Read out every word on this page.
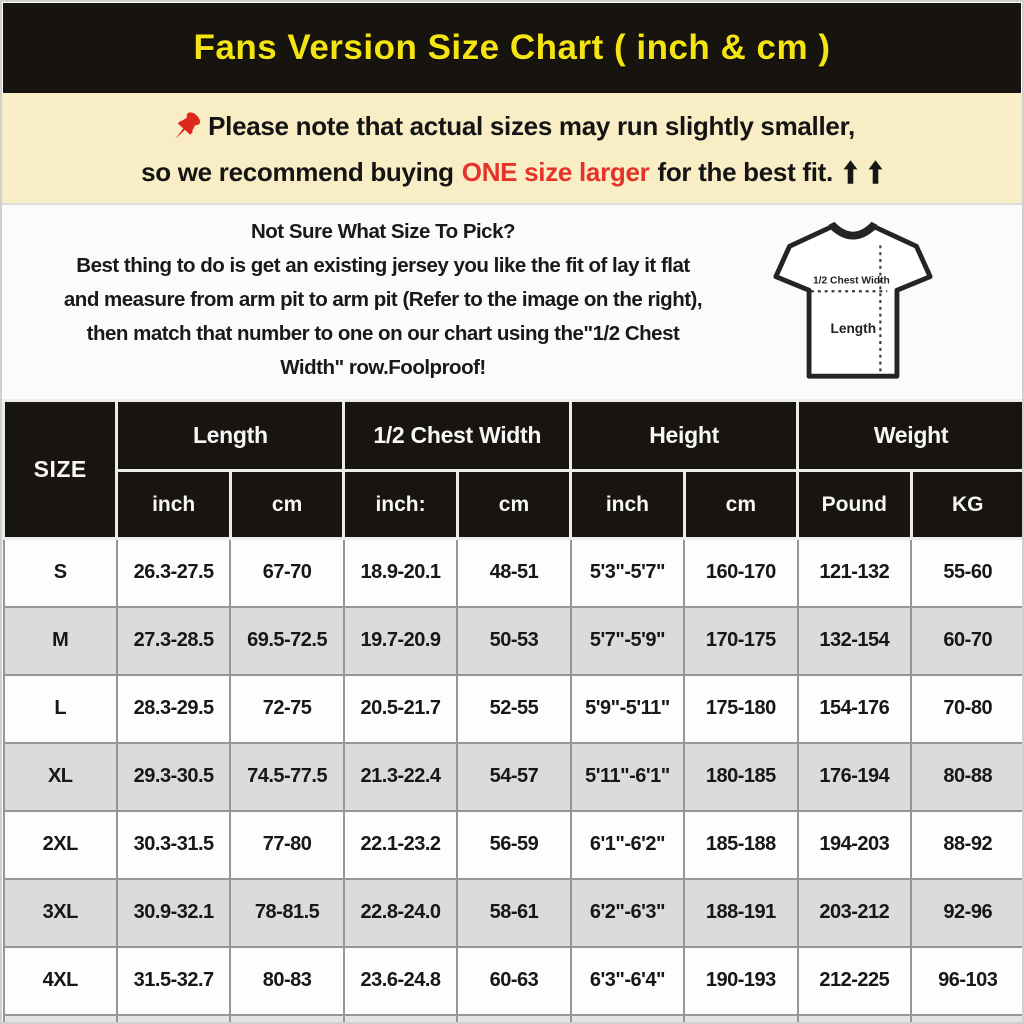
Fans Version Size Chart ( inch & cm )
Please note that actual sizes may run slightly smaller,
so we recommend buying ONE size larger for the best fit.
Not Sure What Size To Pick?
Best thing to do is get an existing jersey you like the fit of lay it flat
and measure from arm pit to arm pit (Refer to the image on the right),
then match that number to one on our chart using the"1/2 Chest
Width" row.Foolproof!
1/2 Chest Width
Length
SIZE	Length		1/2 Chest Width		Height		Weight	
	inch	cm	inch:	cm	inch	cm	Pound	KG
S	26.3-27.5	67-70	18.9-20.1	48-51	5'3"-5'7"	160-170	121-132	55-60
M	27.3-28.5	69.5-72.5	19.7-20.9	50-53	5'7"-5'9"	170-175	132-154	60-70
L	28.3-29.5	72-75	20.5-21.7	52-55	5'9"-5'11"	175-180	154-176	70-80
XL	29.3-30.5	74.5-77.5	21.3-22.4	54-57	5'11"-6'1"	180-185	176-194	80-88
2XL	30.3-31.5	77-80	22.1-23.2	56-59	6'1"-6'2"	185-188	194-203	88-92
3XL	30.9-32.1	78-81.5	22.8-24.0	58-61	6'2"-6'3"	188-191	203-212	92-96
4XL	31.5-32.7	80-83	23.6-24.8	60-63	6'3"-6'4"	190-193	212-225	96-103
